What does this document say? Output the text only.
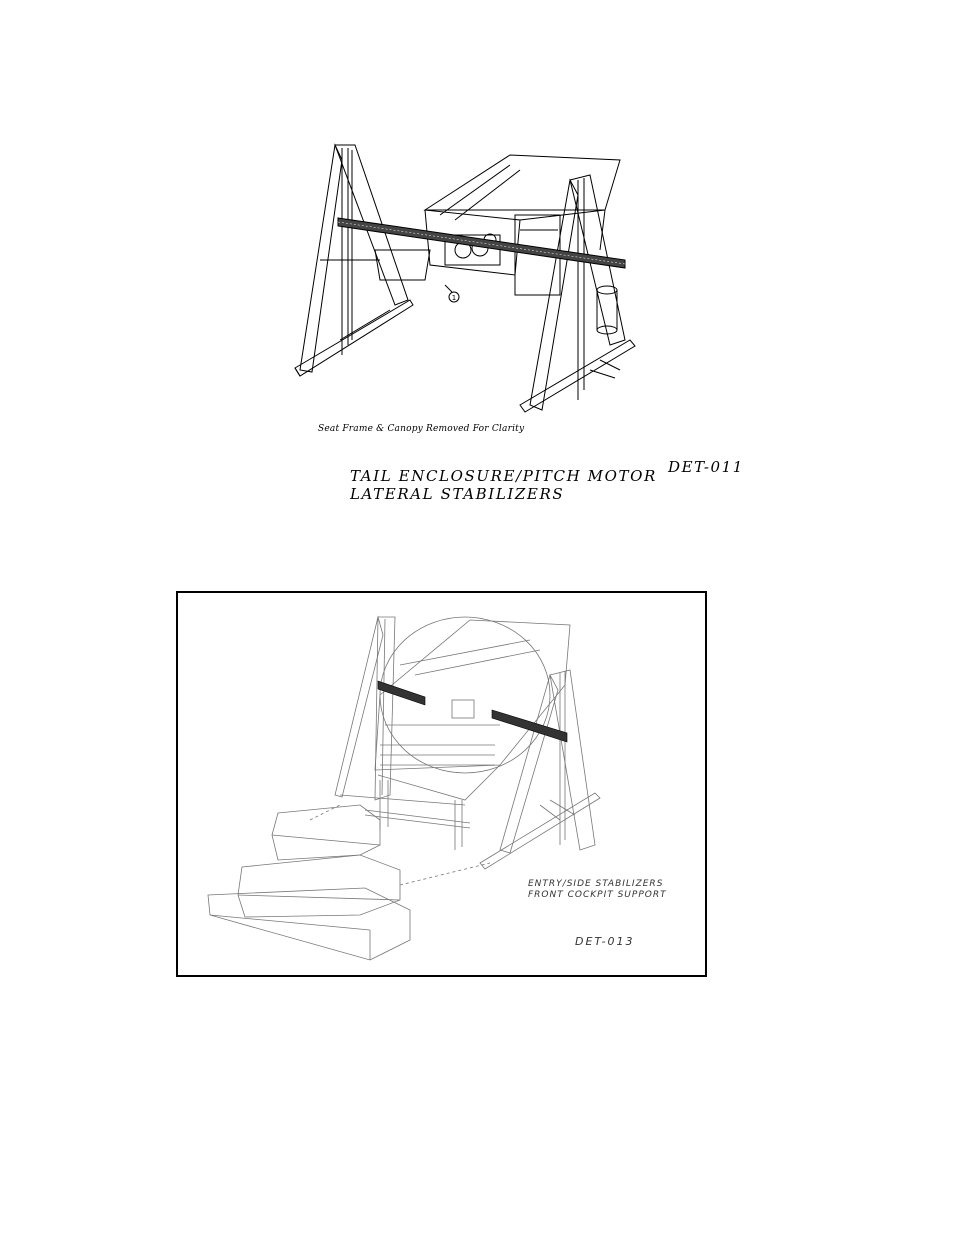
1
Seat Frame & Canopy Removed For Clarity
TAIL ENCLOSURE/PITCH MOTOR
LATERAL STABILIZERS
DET-011
ENTRY/SIDE STABILIZERS
FRONT COCKPIT SUPPORT
DET-013
